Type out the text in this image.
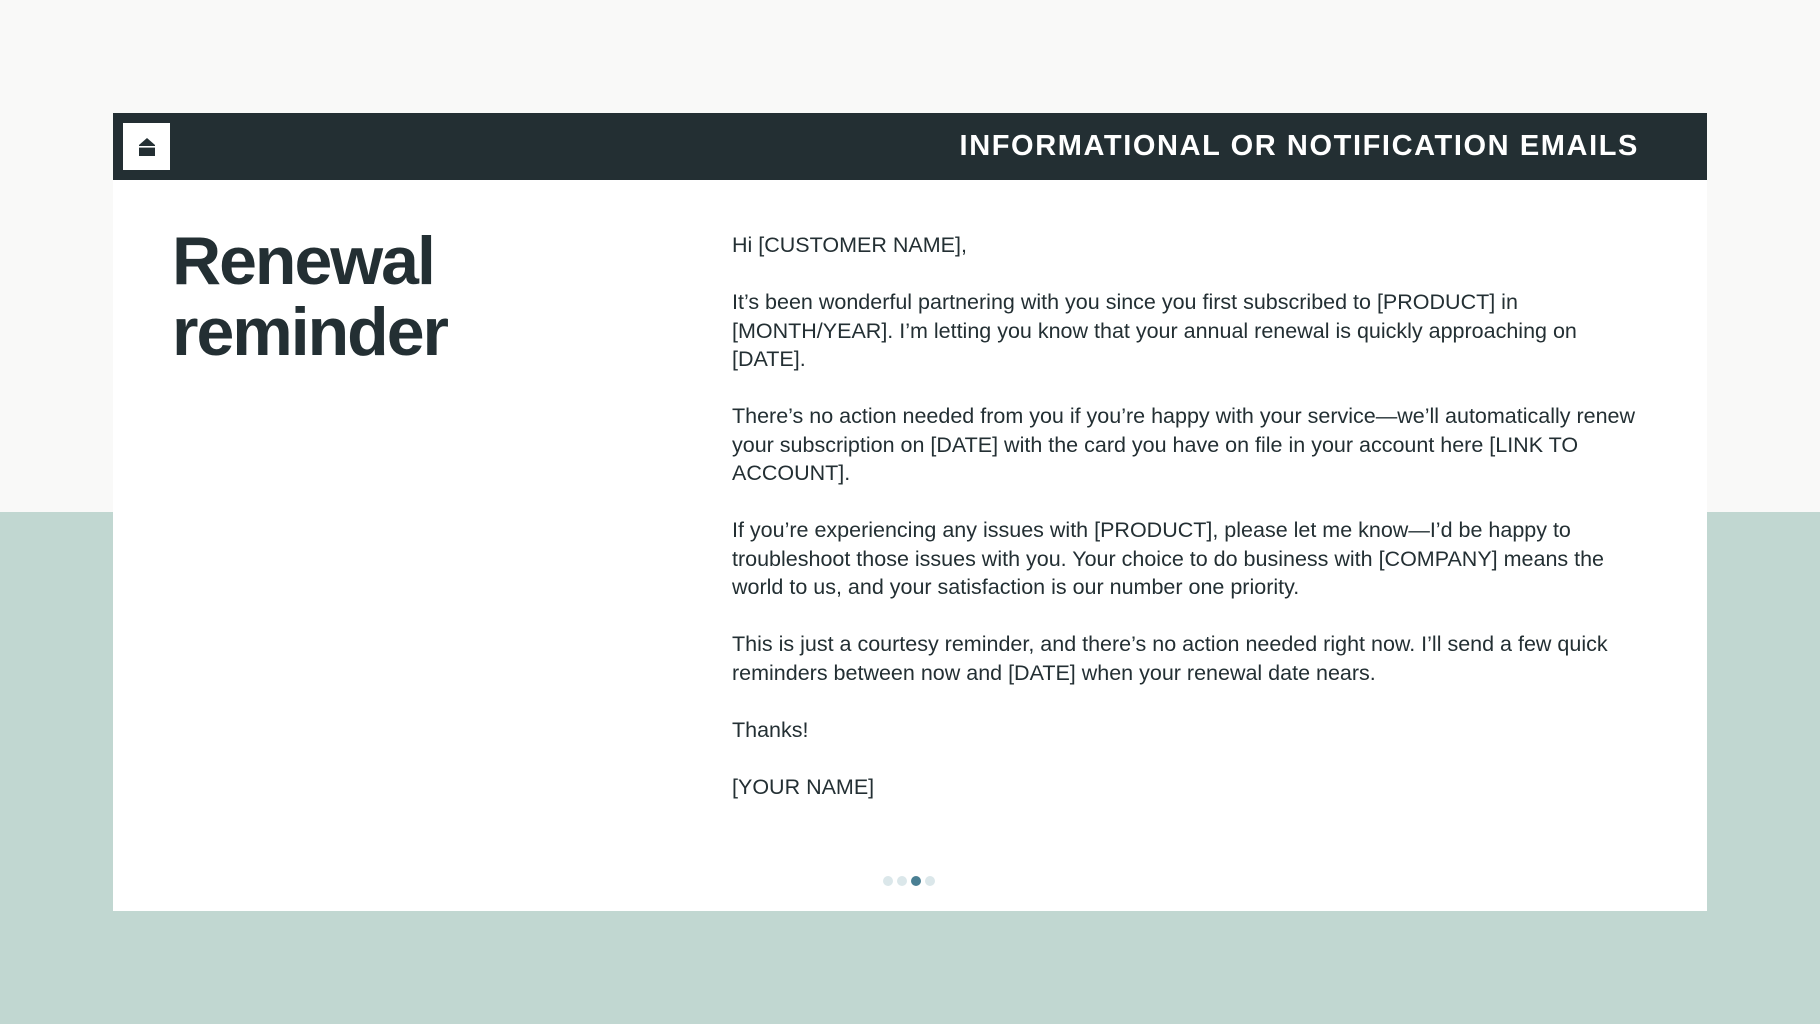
INFORMATIONAL OR NOTIFICATION EMAILS
Renewal reminder

Hi [CUSTOMER NAME],

It’s been wonderful partnering with you since you first subscribed to [PRODUCT] in [MONTH/YEAR]. I’m letting you know that your annual renewal is quickly approaching on [DATE].

There’s no action needed from you if you’re happy with your service—we’ll automatically renew your subscription on [DATE] with the card you have on file in your account here [LINK TO ACCOUNT].

If you’re experiencing any issues with [PRODUCT], please let me know—I’d be happy to troubleshoot those issues with you. Your choice to do business with [COMPANY] means the world to us, and your satisfaction is our number one priority.

This is just a courtesy reminder, and there’s no action needed right now. I’ll send a few quick reminders between now and [DATE] when your renewal date nears.

Thanks!

[YOUR NAME]
